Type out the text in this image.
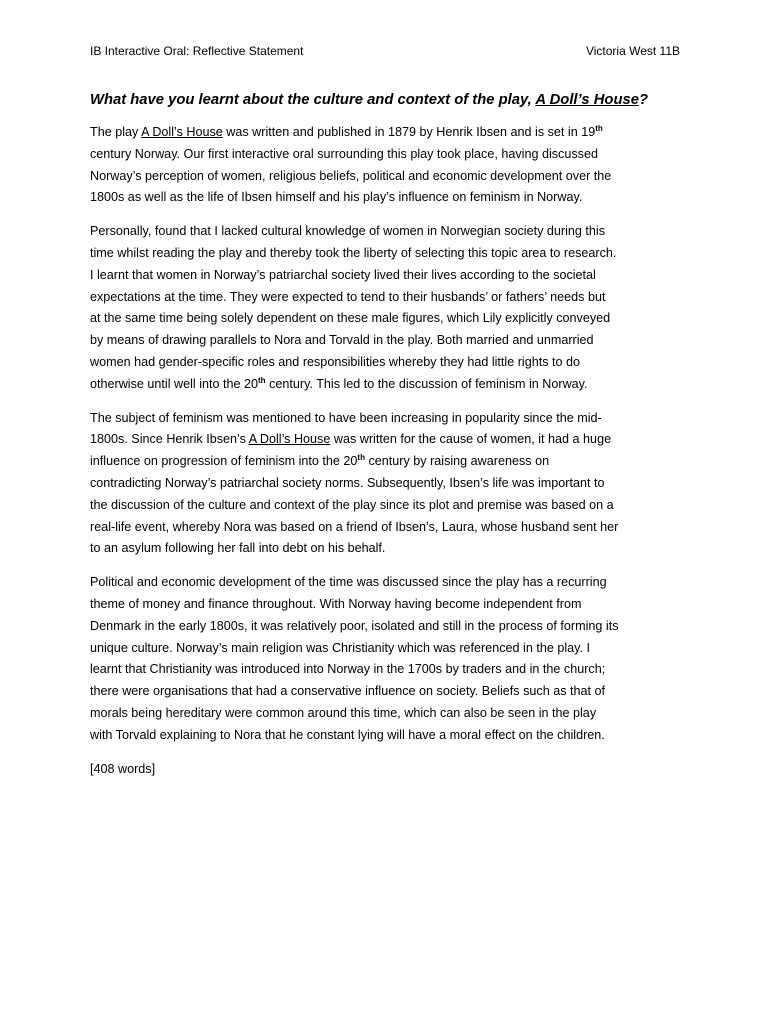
IB Interactive Oral: Reflective Statement	Victoria West 11B
What have you learnt about the culture and context of the play, A Doll’s House?
The play A Doll’s House was written and published in 1879 by Henrik Ibsen and is set in 19th
century Norway. Our first interactive oral surrounding this play took place, having discussed
Norway’s perception of women, religious beliefs, political and economic development over the
1800s as well as the life of Ibsen himself and his play’s influence on feminism in Norway.
Personally, found that I lacked cultural knowledge of women in Norwegian society during this
time whilst reading the play and thereby took the liberty of selecting this topic area to research.
I learnt that women in Norway’s patriarchal society lived their lives according to the societal
expectations at the time. They were expected to tend to their husbands’ or fathers’ needs but
at the same time being solely dependent on these male figures, which Lily explicitly conveyed
by means of drawing parallels to Nora and Torvald in the play. Both married and unmarried
women had gender-specific roles and responsibilities whereby they had little rights to do
otherwise until well into the 20th century. This led to the discussion of feminism in Norway.
The subject of feminism was mentioned to have been increasing in popularity since the mid-
1800s. Since Henrik Ibsen’s A Doll’s House was written for the cause of women, it had a huge
influence on progression of feminism into the 20th century by raising awareness on
contradicting Norway’s patriarchal society norms. Subsequently, Ibsen’s life was important to
the discussion of the culture and context of the play since its plot and premise was based on a
real-life event, whereby Nora was based on a friend of Ibsen’s, Laura, whose husband sent her
to an asylum following her fall into debt on his behalf.
Political and economic development of the time was discussed since the play has a recurring
theme of money and finance throughout. With Norway having become independent from
Denmark in the early 1800s, it was relatively poor, isolated and still in the process of forming its
unique culture. Norway’s main religion was Christianity which was referenced in the play. I
learnt that Christianity was introduced into Norway in the 1700s by traders and in the church;
there were organisations that had a conservative influence on society. Beliefs such as that of
morals being hereditary were common around this time, which can also be seen in the play
with Torvald explaining to Nora that he constant lying will have a moral effect on the children.
[408 words]
